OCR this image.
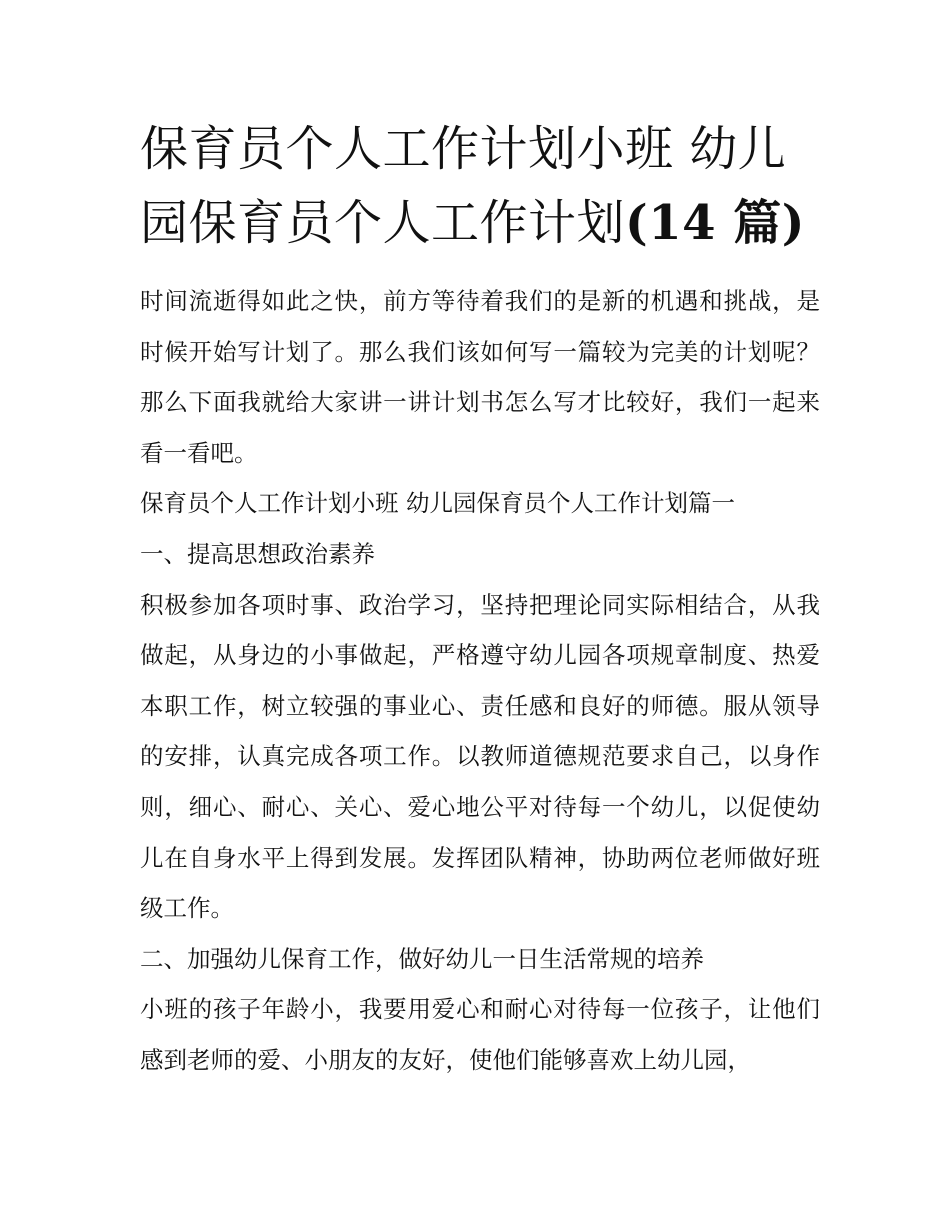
保育员个人工作计划小班 幼儿
园保育员个人工作计划(14 篇)

时间流逝得如此之快，前方等待着我们的是新的机遇和挑战，是时候开始写计划了。那么我们该如何写一篇较为完美的计划呢？那么下面我就给大家讲一讲计划书怎么写才比较好，我们一起来看一看吧。

保育员个人工作计划小班 幼儿园保育员个人工作计划篇一

一、提高思想政治素养

积极参加各项时事、政治学习，坚持把理论同实际相结合，从我做起，从身边的小事做起，严格遵守幼儿园各项规章制度、热爱本职工作，树立较强的事业心、责任感和良好的师德。服从领导的安排，认真完成各项工作。以教师道德规范要求自己，以身作则，细心、耐心、关心、爱心地公平对待每一个幼儿，以促使幼儿在自身水平上得到发展。发挥团队精神，协助两位老师做好班级工作。

二、加强幼儿保育工作，做好幼儿一日生活常规的培养

小班的孩子年龄小，我要用爱心和耐心对待每一位孩子，让他们感到老师的爱、小朋友的友好，使他们能够喜欢上幼儿园，
